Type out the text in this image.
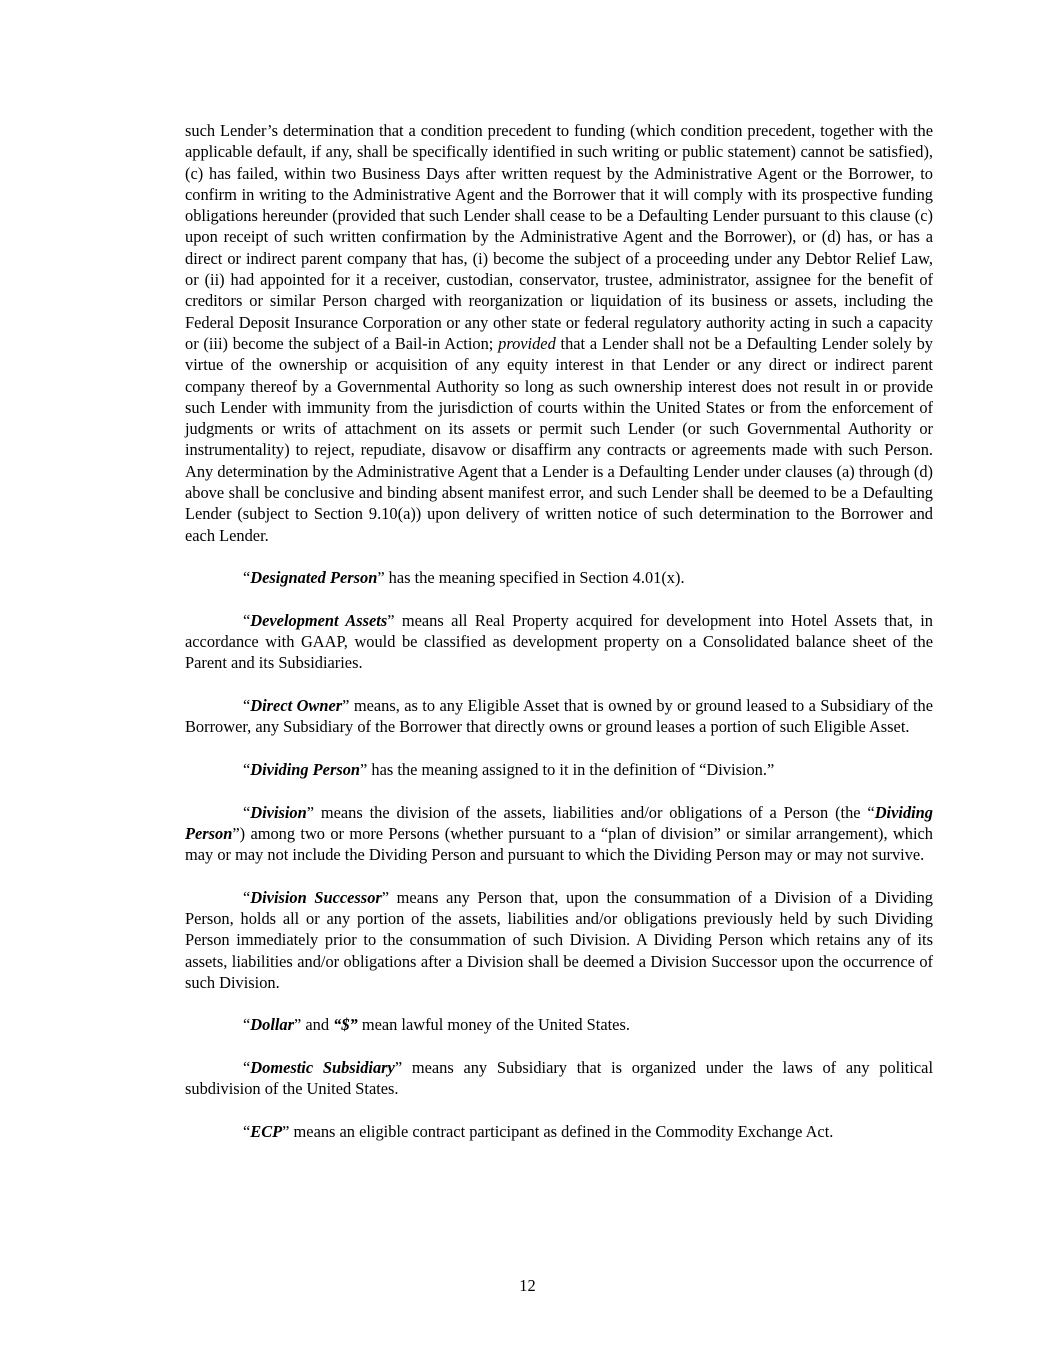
such Lender’s determination that a condition precedent to funding (which condition precedent, together with the applicable default, if any, shall be specifically identified in such writing or public statement) cannot be satisfied), (c) has failed, within two Business Days after written request by the Administrative Agent or the Borrower, to confirm in writing to the Administrative Agent and the Borrower that it will comply with its prospective funding obligations hereunder (provided that such Lender shall cease to be a Defaulting Lender pursuant to this clause (c) upon receipt of such written confirmation by the Administrative Agent and the Borrower), or (d) has, or has a direct or indirect parent company that has, (i) become the subject of a proceeding under any Debtor Relief Law, or (ii) had appointed for it a receiver, custodian, conservator, trustee, administrator, assignee for the benefit of creditors or similar Person charged with reorganization or liquidation of its business or assets, including the Federal Deposit Insurance Corporation or any other state or federal regulatory authority acting in such a capacity or (iii) become the subject of a Bail-in Action; provided that a Lender shall not be a Defaulting Lender solely by virtue of the ownership or acquisition of any equity interest in that Lender or any direct or indirect parent company thereof by a Governmental Authority so long as such ownership interest does not result in or provide such Lender with immunity from the jurisdiction of courts within the United States or from the enforcement of judgments or writs of attachment on its assets or permit such Lender (or such Governmental Authority or instrumentality) to reject, repudiate, disavow or disaffirm any contracts or agreements made with such Person. Any determination by the Administrative Agent that a Lender is a Defaulting Lender under clauses (a) through (d) above shall be conclusive and binding absent manifest error, and such Lender shall be deemed to be a Defaulting Lender (subject to Section 9.10(a)) upon delivery of written notice of such determination to the Borrower and each Lender.

“Designated Person” has the meaning specified in Section 4.01(x).

“Development Assets” means all Real Property acquired for development into Hotel Assets that, in accordance with GAAP, would be classified as development property on a Consolidated balance sheet of the Parent and its Subsidiaries.

“Direct Owner” means, as to any Eligible Asset that is owned by or ground leased to a Subsidiary of the Borrower, any Subsidiary of the Borrower that directly owns or ground leases a portion of such Eligible Asset.

“Dividing Person” has the meaning assigned to it in the definition of “Division.”

“Division” means the division of the assets, liabilities and/or obligations of a Person (the “Dividing Person”) among two or more Persons (whether pursuant to a “plan of division” or similar arrangement), which may or may not include the Dividing Person and pursuant to which the Dividing Person may or may not survive.

“Division Successor” means any Person that, upon the consummation of a Division of a Dividing Person, holds all or any portion of the assets, liabilities and/or obligations previously held by such Dividing Person immediately prior to the consummation of such Division. A Dividing Person which retains any of its assets, liabilities and/or obligations after a Division shall be deemed a Division Successor upon the occurrence of such Division.

“Dollar” and “$” mean lawful money of the United States.

“Domestic Subsidiary” means any Subsidiary that is organized under the laws of any political subdivision of the United States.

“ECP” means an eligible contract participant as defined in the Commodity Exchange Act.

12
